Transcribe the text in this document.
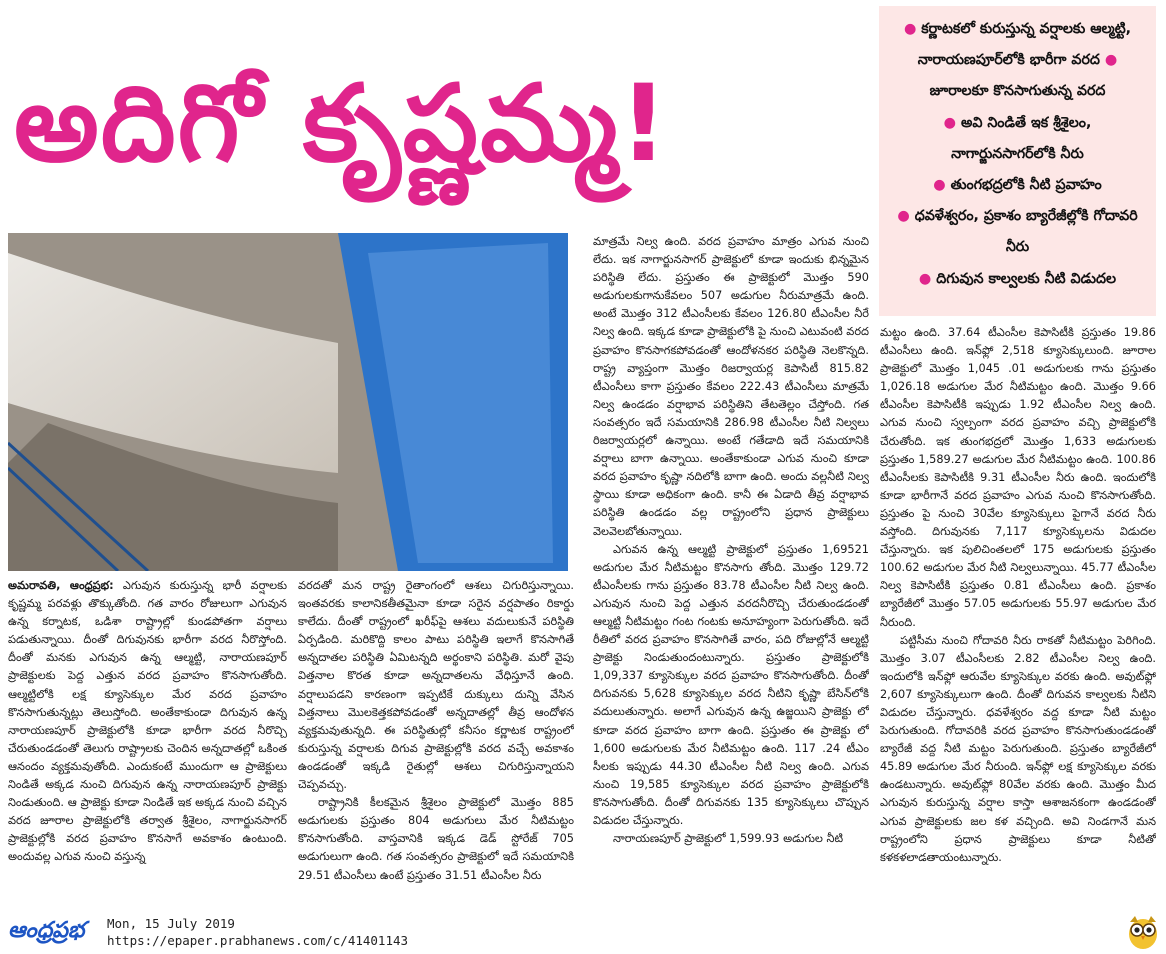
అదిగో కృష్ణమ్మ!
● కర్ణాటకలో కురుస్తున్న వర్షాలకు ఆల్మట్టి, నారాయణపూర్‌లోకి భారీగా వరద ● జూరాలకూ కొనసాగుతున్న వరద
● అవి నిండితే ఇక శ్రీశైలం, నాగార్జునసాగర్‌లోకి నీరు
● తుంగభద్రలోకి నీటి ప్రవాహం
● ధవళేశ్వరం, ప్రకాశం బ్యారేజీల్లోకి గోదావరి నీరు
● దిగువున కాల్వలకు నీటి విడుదల

అమరావతి, ఆంధ్రప్రభ: ఎగువున కురుస్తున్న భారీ వర్షాలకు కృష్ణమ్మ పరవళ్లు తొక్కుతోంది. గత వారం రోజులుగా ఎగువున ఉన్న కర్నాటక, ఒడిశా రాష్ట్రాల్లో కుండపోతగా వర్షాలు పడుతున్నాయి. దీంతో దిగువునకు భారీగా వరద నీరొస్తోంది. దీంతో మనకు ఎగువున ఉన్న ఆల్మట్టి, నారాయణపూర్ ప్రాజెక్టులకు పెద్ద ఎత్తున వరద ప్రవాహం కొనసాగుతోంది. ఆల్మట్టిలోకి లక్ష క్యూసెక్కుల మేర వరద ప్రవాహం కొనసాగుతున్నట్లు తెలుస్తోంది. అంతేకాకుండా దిగువున ఉన్న నారాయణపూర్ ప్రాజెక్టులోకి కూడా భారీగా వరద నీరొచ్చి చేరుతుండడంతో తెలుగు రాష్ట్రాలకు చెందిన అన్నదాతల్లో ఒకింత ఆనందం వ్యక్తమవుతోంది. ఎందుకంటే ముందుగా ఆ ప్రాజెక్టులు నిండితే అక్కడ నుంచి దిగువున ఉన్న నారాయణపూర్ ప్రాజెక్టు నిండుతుంది. ఆ ప్రాజెక్టు కూడా నిండితే ఇక అక్కడ నుంచి వచ్చిన వరద జూరాల ప్రాజెక్టులోకి తర్వాత శ్రీశైలం, నాగార్జునసాగర్ ప్రాజెక్టుల్లోకి వరద ప్రవాహం కొనసాగే అవకాశం ఉంటుంది. అందువల్ల ఎగువ నుంచి వస్తున్న

వరదతో మన రాష్ట్ర రైతాంగంలో ఆశలు చిగురిస్తున్నాయి. ఇంతవరకు కాలానికతీతమైనా కూడా సరైన వర్షపాతం రికార్డు కాలేదు. దీంతో రాష్ట్రంలో ఖరీఫ్‌పై ఆశలు వదులుకునే పరిస్థితి ఏర్పడింది. మరికొద్ది కాలం పాటు పరిస్థితి ఇలాగే కొనసాగితే అన్నదాతల పరిస్థితి ఏమిటన్నది అర్థంకాని పరిస్థితి. మరో వైపు విత్తనాల కొరత కూడా అన్నదాతలను వేధిస్తూనే ఉంది. వర్షాలుపడని కారణంగా ఇప్పటికే దుక్కులు దున్ని వేసిన విత్తనాలు మొలకెత్తకపోవడంతో అన్నదాతల్లో తీవ్ర ఆందోళన వ్యక్తమవుతున్నది. ఈ పరిస్థితుల్లో కనీసం కర్ణాటక రాష్ట్రంలో కురుస్తున్న వర్షాలకు దిగువ ప్రాజెక్టుల్లోకి వరద వచ్చే అవకాశం ఉండడంతో ఇక్కడి రైతుల్లో ఆశలు చిగురిస్తున్నాయని చెప్పవచ్చు.

రాష్ట్రానికి కీలకమైన శ్రీశైలం ప్రాజెక్టులో మొత్తం 885 అడుగులకు ప్రస్తుతం 804 అడుగులు మేర నీటిమట్టం కొనసాగుతోంది. వాస్తవానికి ఇక్కడ డెడ్ స్టోరేజ్ 705 అడుగులుగా ఉంది. గత సంవత్సరం ప్రాజెక్టులో ఇదే సమయానికి 29.51 టీఎంసీలు ఉంటే ప్రస్తుతం 31.51 టీఎంసీల నీరు

మాత్రమే నిల్వ ఉంది. వరద ప్రవాహం మాత్రం ఎగువ నుంచి లేదు. ఇక నాగార్జునసాగర్ ప్రాజెక్టులో కూడా ఇందుకు భిన్నమైన పరిస్థితి లేదు. ప్రస్తుతం ఈ ప్రాజెక్టులో మొత్తం 590 అడుగులకుగానుకేవలం 507 అడుగుల నీరుమాత్రమే ఉంది. అంటే మొత్తం 312 టీఎంసీలకు కేవలం 126.80 టీఎంసీల నీరే నిల్వ ఉంది. ఇక్కడ కూడా ప్రాజెక్టులోకి పై నుంచి ఎటువంటి వరద ప్రవాహం కొనసాగకపోవడంతో ఆందోళనకర పరిస్థితి నెలకొన్నది. రాష్ట్ర వ్యాప్తంగా మొత్తం రిజర్వాయర్ల కెపాసిటీ 815.82 టీఎంసీలు కాగా ప్రస్తుతం కేవలం 222.43 టీఎంసీలు మాత్రమే నిల్వ ఉండడం వర్షాభావ పరిస్థితిని తేటతెల్లం చేస్తోంది. గత సంవత్సరం ఇదే సమయానికి 286.98 టీఎంసీల నీటి నిల్వలు రిజర్వాయర్లలో ఉన్నాయి. అంటే గతేడాది ఇదే సమయానికి వర్షాలు బాగా ఉన్నాయి. అంతేకాకుండా ఎగువ నుంచి కూడా వరద ప్రవాహం కృష్ణా నదిలోకి బాగా ఉంది. అందు వల్లనీటి నిల్వ స్థాయి కూడా అధికంగా ఉంది. కానీ ఈ ఏడాది తీవ్ర వర్షాభావ పరిస్థితి ఉండడం వల్ల రాష్ట్రంలోని ప్రధాన ప్రాజెక్టులు వెలవెలబోతున్నాయి.

ఎగువన ఉన్న ఆల్మట్టి ప్రాజెక్టులో ప్రస్తుతం 1,69521 అడుగుల మేర నీటిమట్టం కొనసాగు తోంది. మొత్తం 129.72 టీఎంసీలకు గాను ప్రస్తుతం 83.78 టీఎంసీల నీటి నిల్వ ఉంది. ఎగువున నుంచి పెద్ద ఎత్తున వరదనీరొచ్చి చేరుతుండడంతో ఆల్మట్టి నీటిమట్టం గంట గంటకు అనూహ్యంగా పెరుగుతోంది. ఇదే రీతిలో వరద ప్రవాహం కొనసాగితే వారం, పది రోజుల్లోనే ఆల్మట్టి ప్రాజెక్టు నిండుతుందంటున్నారు. ప్రస్తుతం ప్రాజెక్టులోకి 1,09,337 క్యూసెక్కుల వరద ప్రవాహం కొనసాగుతోంది. దీంతో దిగువనకు 5,628 క్యూసెక్కుల వరద నీటిని కృష్ణా బేసిన్‌లోకి వదులుతున్నారు. అలాగే ఎగువున ఉన్న ఉజ్జయిని ప్రాజెక్టు లో కూడా వరద ప్రవాహం బాగా ఉంది. ప్రస్తుతం ఈ ప్రాజెక్టు లో 1,600 అడుగులకు మేర నీటిమట్టం ఉంది. 117 .24 టీఎం సీలకు ఇప్పుడు 44.30 టీఎంసీల నీటి నిల్వ ఉంది. ఎగువ నుంచి 19,585 క్యూసెక్కుల వరద ప్రవాహం ప్రాజెక్టులోకి కొనసాగుతోంది. దీంతో దిగువనకు 135 క్యూసెక్కులు చొప్పున విడుదల చేస్తున్నారు.

నారాయణపూర్ ప్రాజెక్టులో 1,599.93 అడుగుల నీటి

మట్టం ఉంది. 37.64 టీఎంసీల కెపాసిటీకి ప్రస్తుతం 19.86 టీఎంసీలు ఉంది. ఇన్‌ఫ్లో 2,518 క్యూసెక్కులుంది. జూరాల ప్రాజెక్టులో మొత్తం 1,045 .01 అడుగులకు గాను ప్రస్తుతం 1,026.18 అడుగుల మేర నీటిమట్టం ఉంది. మొత్తం 9.66 టీఎంసీల కెపాసిటీకి ఇప్పుడు 1.92 టీఎంసీల నిల్వ ఉంది. ఎగువ నుంచి స్వల్పంగా వరద ప్రవాహం వచ్చి ప్రాజెక్టులోకి చేరుతోంది. ఇక తుంగభద్రలో మొత్తం 1,633 అడుగులకు ప్రస్తుతం 1,589.27 అడుగుల మేర నీటిమట్టం ఉంది. 100.86 టీఎంసీలకు కెపాసిటీకి 9.31 టీఎంసీల నీరు ఉంది. ఇందులోకి కూడా భారీగానే వరద ప్రవాహం ఎగువ నుంచి కొనసాగుతోంది. ప్రస్తుతం పై నుంచి 30వేల క్యూసెక్కులు పైగానే వరద నీరు వస్తోంది. దిగువునకు 7,117 క్యూసెక్కులను విడుదల చేస్తున్నారు. ఇక పులిచింతలలో 175 అడుగులకు ప్రస్తుతం 100.62 అడుగుల మేర నీటి నిల్వలున్నాయి. 45.77 టీఎంసీల నిల్వ కెపాసిటీకి ప్రస్తుతం 0.81 టీఎంసీలు ఉంది. ప్రకాశం బ్యారేజీలో మొత్తం 57.05 అడుగులకు 55.97 అడుగుల మేర నీరుంది.

పట్టిసీమ నుంచి గోదావరి నీరు రాకతో నీటిమట్టం పెరిగింది. మొత్తం 3.07 టీఎంసీలకు 2.82 టీఎంసీల నిల్వ ఉంది. ఇందులోకి ఇన్‌ఫ్లో ఆరువేల క్యూసెక్కుల వరకు ఉంది. అవుట్‌ఫ్లో 2,607 క్యూసెక్కులుగా ఉంది. దీంతో దిగువన కాల్వలకు నీటిని విడుదల చేస్తున్నారు. ధవళేశ్వరం వద్ద కూడా నీటి మట్టం పెరుగుతుంది. గోదావరికి వరద ప్రవాహం కొనసాగుతుండడంతో బ్యారేజీ వద్ద నీటి మట్టం పెరుగుతుంది. ప్రస్తుతం బ్యారేజీలో 45.89 అడుగుల మేర నీరుంది. ఇన్‌ఫ్లో లక్ష క్యూసెక్కుల వరకు ఉండటున్నారు. అవుట్‌ఫ్లో 80వేల వరకు ఉంది. మొత్తం మీద ఎగువున కురుస్తున్న వర్షాల కాస్తా ఆశాజనకంగా ఉండడంతో ఎగువ ప్రాజెక్టులకు జల కళ వచ్చింది. అవి నిండగానే మన రాష్ట్రంలోని ప్రధాన ప్రాజెక్టులు కూడా నీటితో కళకళలాడతాయంటున్నారు.

ఆంధ్రప్రభ Mon, 15 July 2019
https://epaper.prabhanews.com/c/41401143
